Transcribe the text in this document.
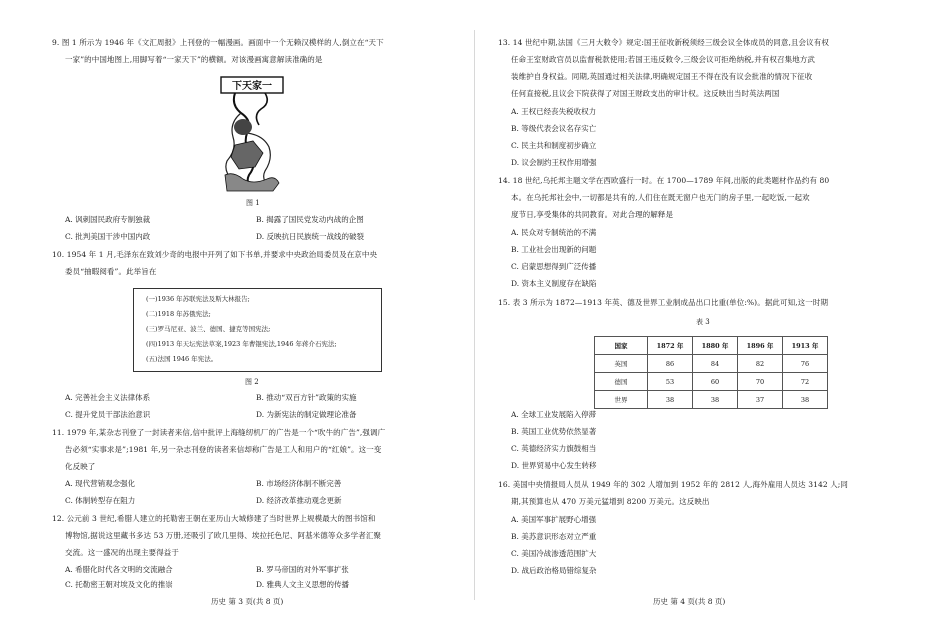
9. 图 1 所示为 1946 年《文汇周报》上刊登的一幅漫画。画面中一个无赖汉模样的人,倒立在“天下
一家”的中国地图上,用脚写着“一家天下”的横额。对该漫画寓意解读准确的是
下天家一
图 1
A. 讽刺国民政府专制独裁	B. 揭露了国民党发动内战的企图
C. 批判美国干涉中国内政	D. 反映抗日民族统一战线的破裂
10. 1954 年 1 月,毛泽东在致刘少奇的电报中开列了如下书单,并要求中央政治局委员及在京中央
委员“抽暇阅看”。此举旨在
(一)1936 年苏联宪法及斯大林报告;
(二)1918 年苏俄宪法;
(三)罗马尼亚、波兰、德国、捷克等国宪法;
(四)1913 年天坛宪法草案,1923 年曹锟宪法,1946 年蒋介石宪法;
(五)法国 1946 年宪法。
图 2
A. 完善社会主义法律体系	B. 推动“双百方针”政策的实施
C. 提升党员干部法治意识	D. 为新宪法的制定做理论准备
11. 1979 年,某杂志刊登了一封读者来信,信中批评上海缝纫机厂的广告是一个“吹牛的广告”,强调广
告必须“实事求是”;1981 年,另一杂志刊登的读者来信却称广告是工人和用户的“红娘”。这一变
化反映了
A. 现代营销观念强化	B. 市场经济体制不断完善
C. 体制转型存在阻力	D. 经济改革推动观念更新
12. 公元前 3 世纪,希腊人建立的托勒密王朝在亚历山大城修建了当时世界上规模最大的图书馆和
博物馆,据说这里藏书多达 53 万册,还吸引了欧几里得、埃拉托色尼、阿基米德等众多学者汇聚
交流。这一盛况的出现主要得益于
A. 希腊化时代各文明的交流融合	B. 罗马帝国的对外军事扩张
C. 托勒密王朝对埃及文化的推崇	D. 雅典人文主义思想的传播
历史 第 3 页(共 8 页)
13. 14 世纪中期,法国《三月大敕令》规定:国王征收新税须经三级会议全体成员的同意,且会议有权
任命王室财政官员以监督税款使用;若国王违反敕令,三级会议可拒绝纳税,并有权召集地方武
装维护自身权益。同期,英国通过相关法律,明确规定国王不得在没有议会批准的情况下征收
任何直接税,且议会下院获得了对国王财政支出的审计权。这反映出当时英法两国
A. 王权已经丧失税收权力
B. 等级代表会议名存实亡
C. 民主共和制度初步确立
D. 议会制约王权作用增强
14. 18 世纪,乌托邦主题文学在西欧盛行一时。在 1700—1789 年间,出版的此类题材作品约有 80
本。在乌托邦社会中,一切都是共有的,人们住在既无窗户也无门的房子里,一起吃饭,一起欢
度节日,享受集体的共同教育。对此合理的解释是
A. 民众对专制统治的不满
B. 工业社会出现新的问题
C. 启蒙思想得到广泛传播
D. 资本主义制度存在缺陷
15. 表 3 所示为 1872—1913 年英、德及世界工业制成品出口比重(单位:%)。据此可知,这一时期
表 3
A. 全球工业发展陷入停滞
B. 英国工业优势依然显著
C. 英德经济实力旗鼓相当
D. 世界贸易中心发生转移
16. 美国中央情报局人员从 1949 年的 302 人增加到 1952 年的 2812 人,海外雇用人员达 3142 人;同
期,其预算也从 470 万美元猛增到 8200 万美元。这反映出
A. 美国军事扩展野心增强
B. 美苏意识形态对立严重
C. 美国冷战渗透范围扩大
D. 战后政治格局错综复杂
历史 第 4 页(共 8 页)
国家	1872 年	1880 年	1896 年	1913 年
英国	86	84	82	76
德国	53	60	70	72
世界	38	38	37	38
